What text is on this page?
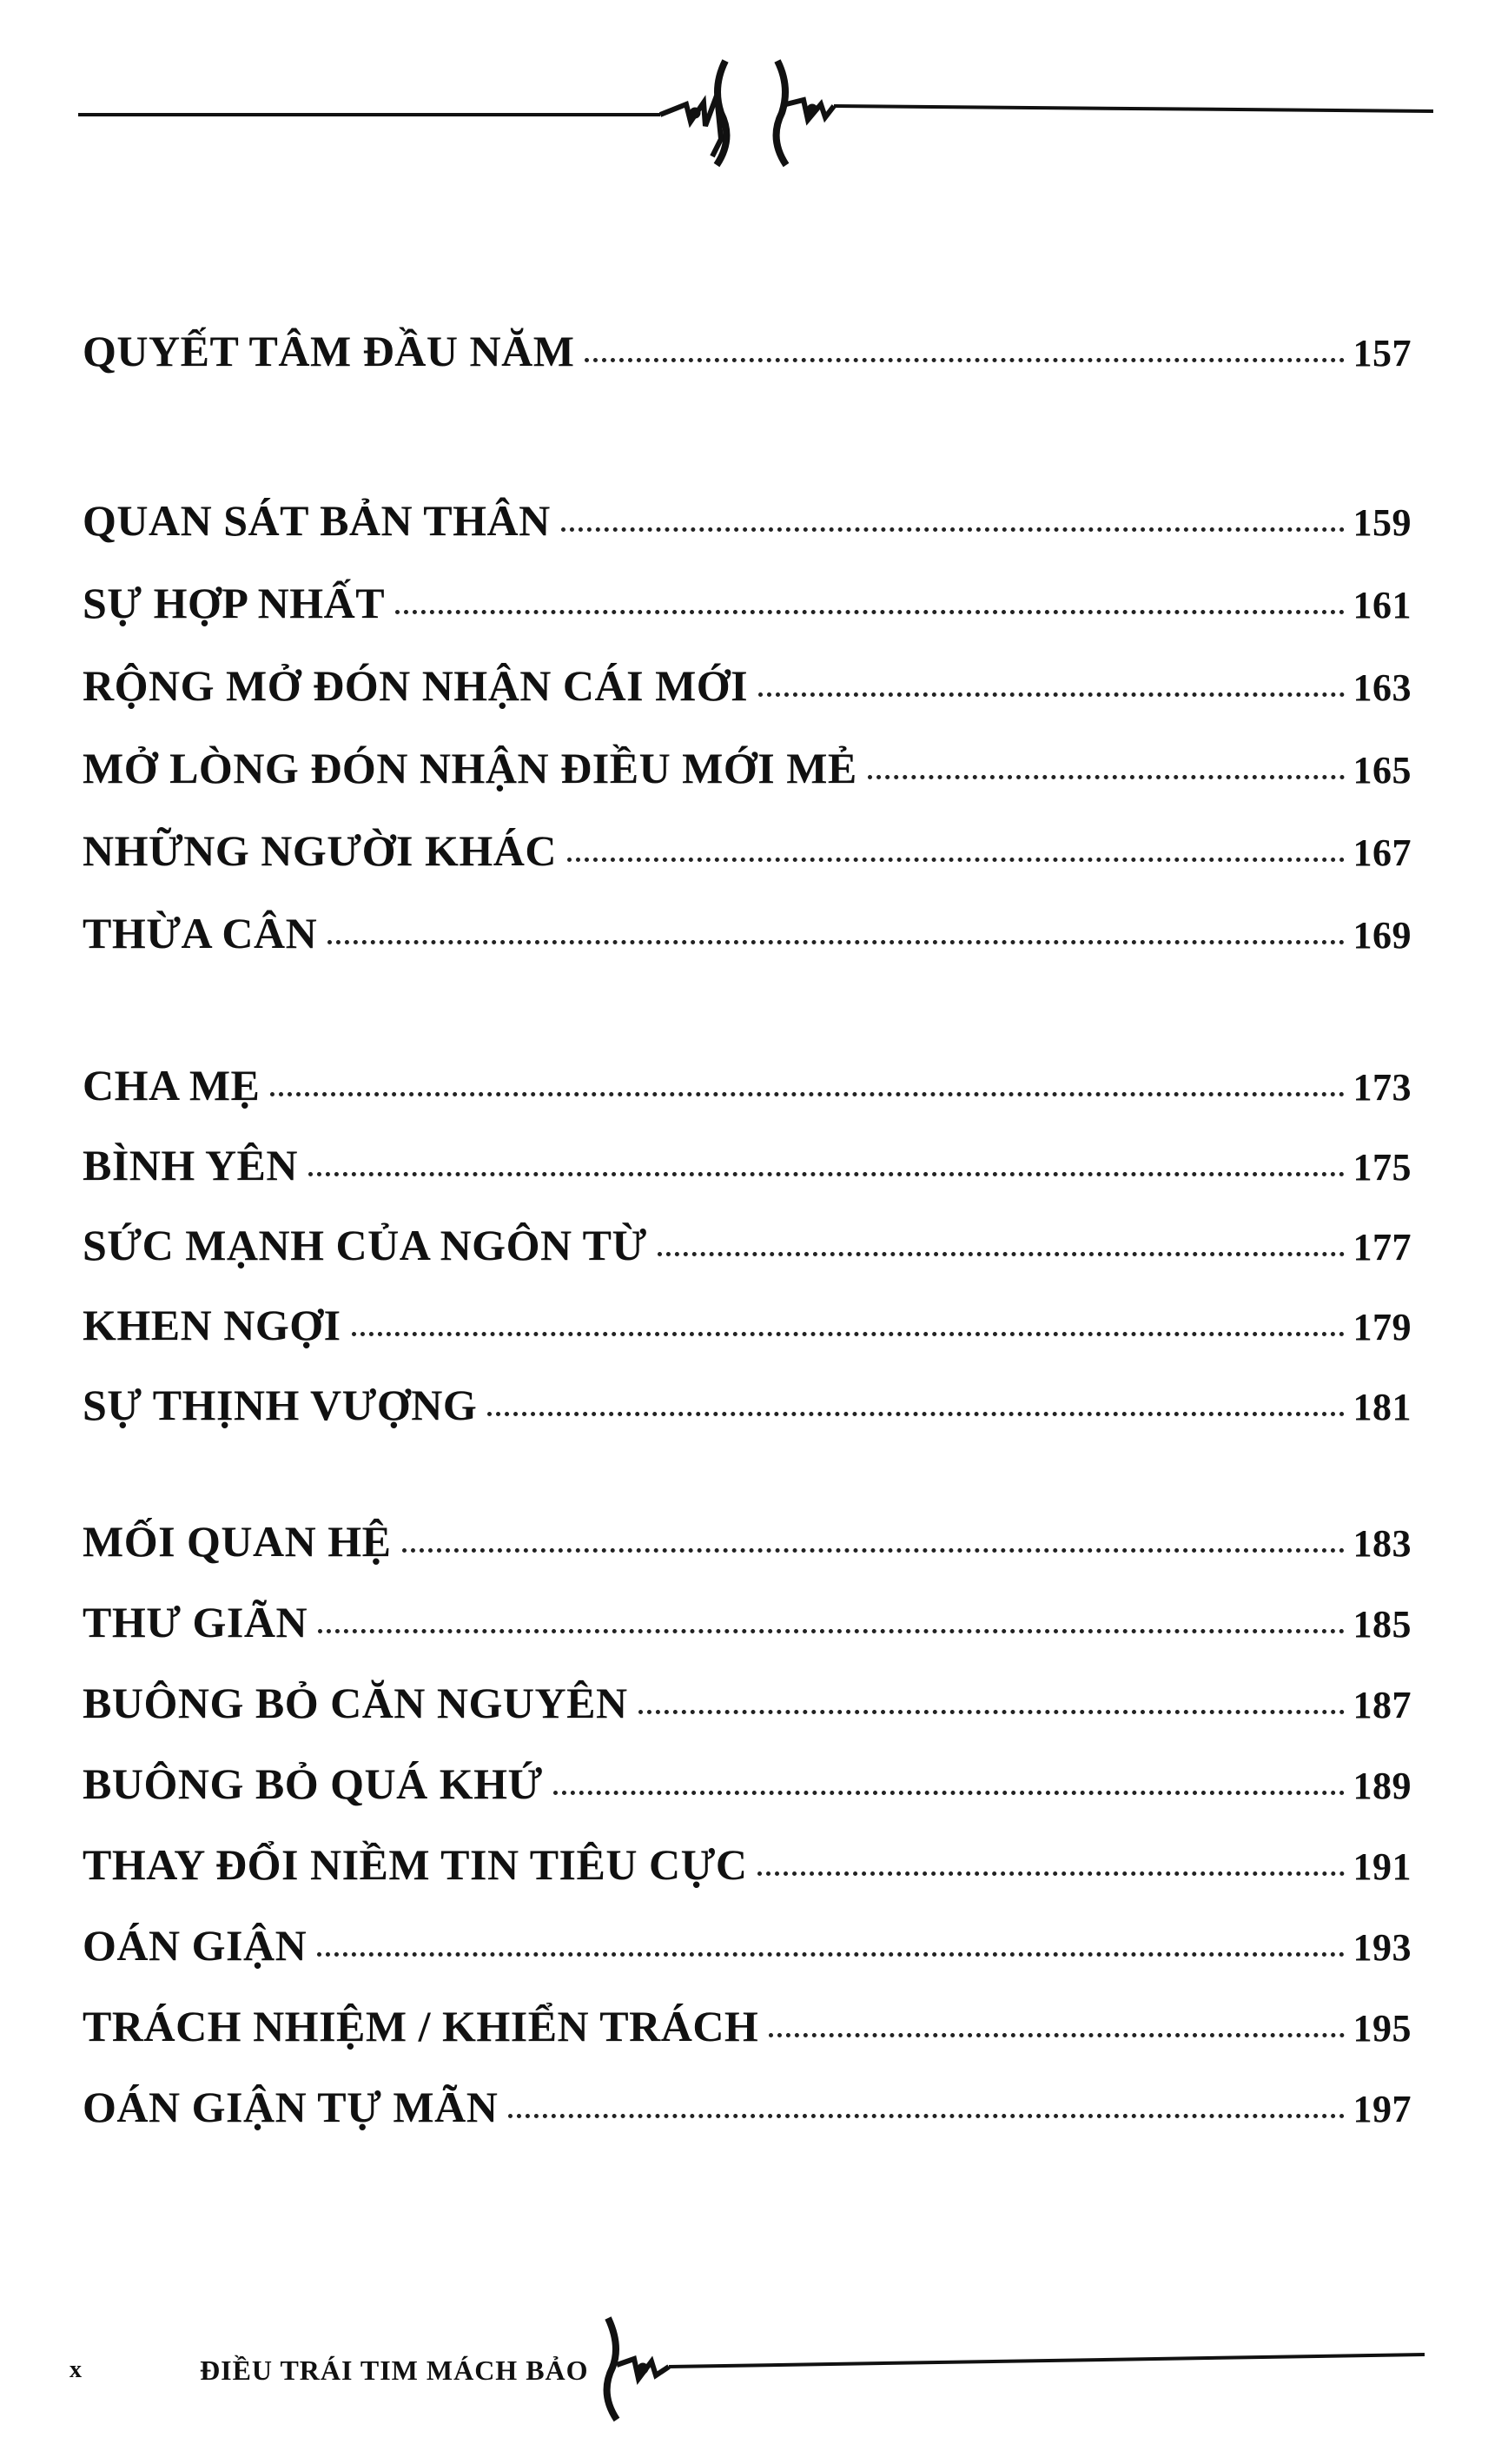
QUYẾT TÂM ĐẦU NĂM	157
QUAN SÁT BẢN THÂN	159
SỰ HỢP NHẤT	161
RỘNG MỞ ĐÓN NHẬN CÁI MỚI	163
MỞ LÒNG ĐÓN NHẬN ĐIỀU MỚI MẺ	165
NHỮNG NGƯỜI KHÁC	167
THỪA CÂN	169
CHA MẸ	173
BÌNH YÊN	175
SỨC MẠNH CỦA NGÔN TỪ	177
KHEN NGỢI	179
SỰ THỊNH VƯỢNG	181
MỐI QUAN HỆ	183
THƯ GIÃN	185
BUÔNG BỎ CĂN NGUYÊN	187
BUÔNG BỎ QUÁ KHỨ	189
THAY ĐỔI NIỀM TIN TIÊU CỰC	191
OÁN GIẬN	193
TRÁCH NHIỆM / KHIỂN TRÁCH	195
OÁN GIẬN TỰ MÃN	197
x	ĐIỀU TRÁI TIM MÁCH BẢO
